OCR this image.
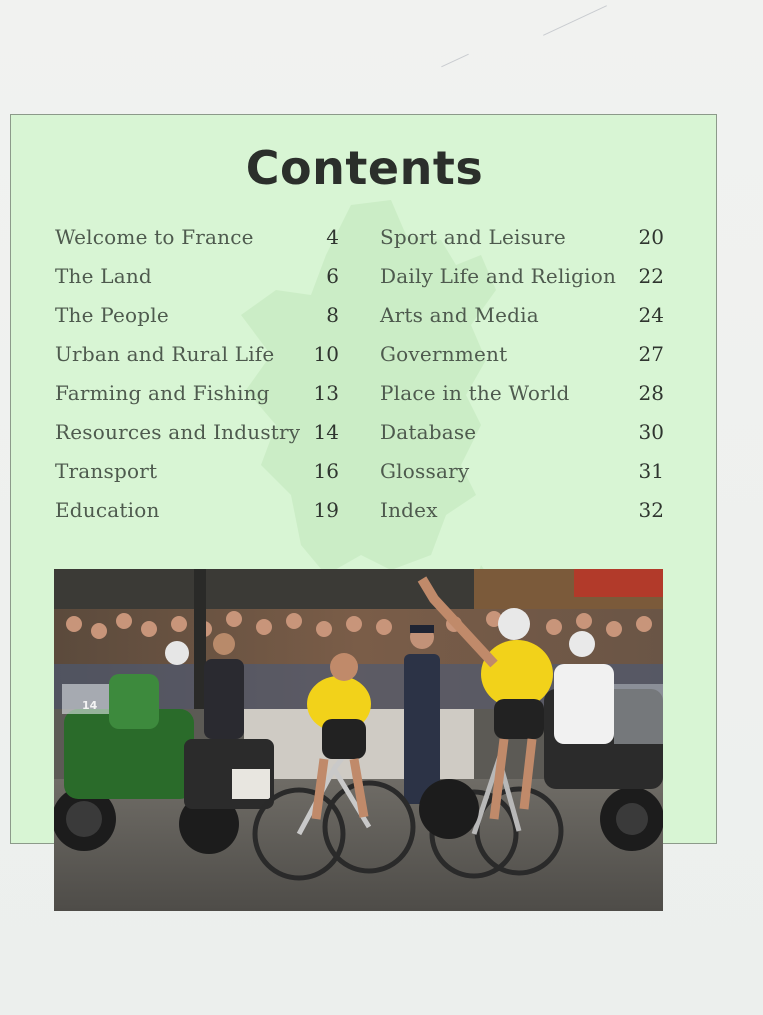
Contents
Welcome to France	4
The Land	6
The People	8
Urban and Rural Life 10
Farming and Fishing 13
Resources and Industry 14
Transport	16
Education	19
Sport and Leisure	20
Daily Life and Religion 22
Arts and Media	24
Government	27
Place in the World	28
Database	30
Glossary	31
Index	32
14
